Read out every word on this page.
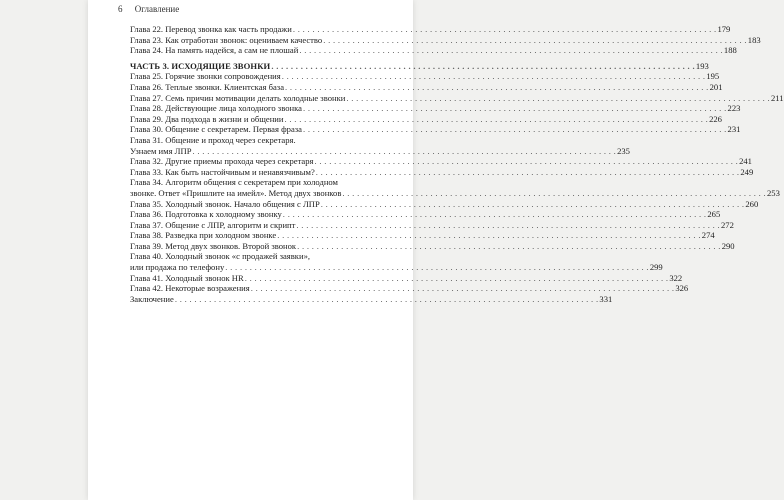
6 Оглавление
Глава 22. Перевод звонка как часть продажи . . .	179
Глава 23. Как отработан звонок: оцениваем качество . . .	183
Глава 24. На память надейся, а сам не плошай . . .	188
ЧАСТЬ 3. ИСХОДЯЩИЕ ЗВОНКИ . . .	193
Глава 25. Горячие звонки сопровождения . . .	195
Глава 26. Теплые звонки. Клиентская база . . .	201
Глава 27. Семь причин мотивации делать холодные звонки . . .	211
Глава 28. Действующие лица холодного звонка . . .	223
Глава 29. Два подхода в жизни и общении . . .	226
Глава 30. Общение с секретарем. Первая фраза . . .	231
Глава 31. Общение и проход через секретаря.
Узнаем имя ЛПР . . .	235
Глава 32. Другие приемы прохода через секретаря . . .	241
Глава 33. Как быть настойчивым и ненавязчивым? . . .	249
Глава 34. Алгоритм общения с секретарем при холодном
звонке. Ответ «Пришлите на имейл». Метод двух звонков . . .	253
Глава 35. Холодный звонок. Начало общения с ЛПР . . .	260
Глава 36. Подготовка к холодному звонку . . .	265
Глава 37. Общение с ЛПР, алгоритм и скрипт . . .	272
Глава 38. Разведка при холодном звонке . . .	274
Глава 39. Метод двух звонков. Второй звонок . . .	290
Глава 40. Холодный звонок «с продажей заявки»,
или продажа по телефону . . .	299
Глава 41. Холодный звонок HR . . .	322
Глава 42. Некоторые возражения . . .	326
Заключение . . .	331
